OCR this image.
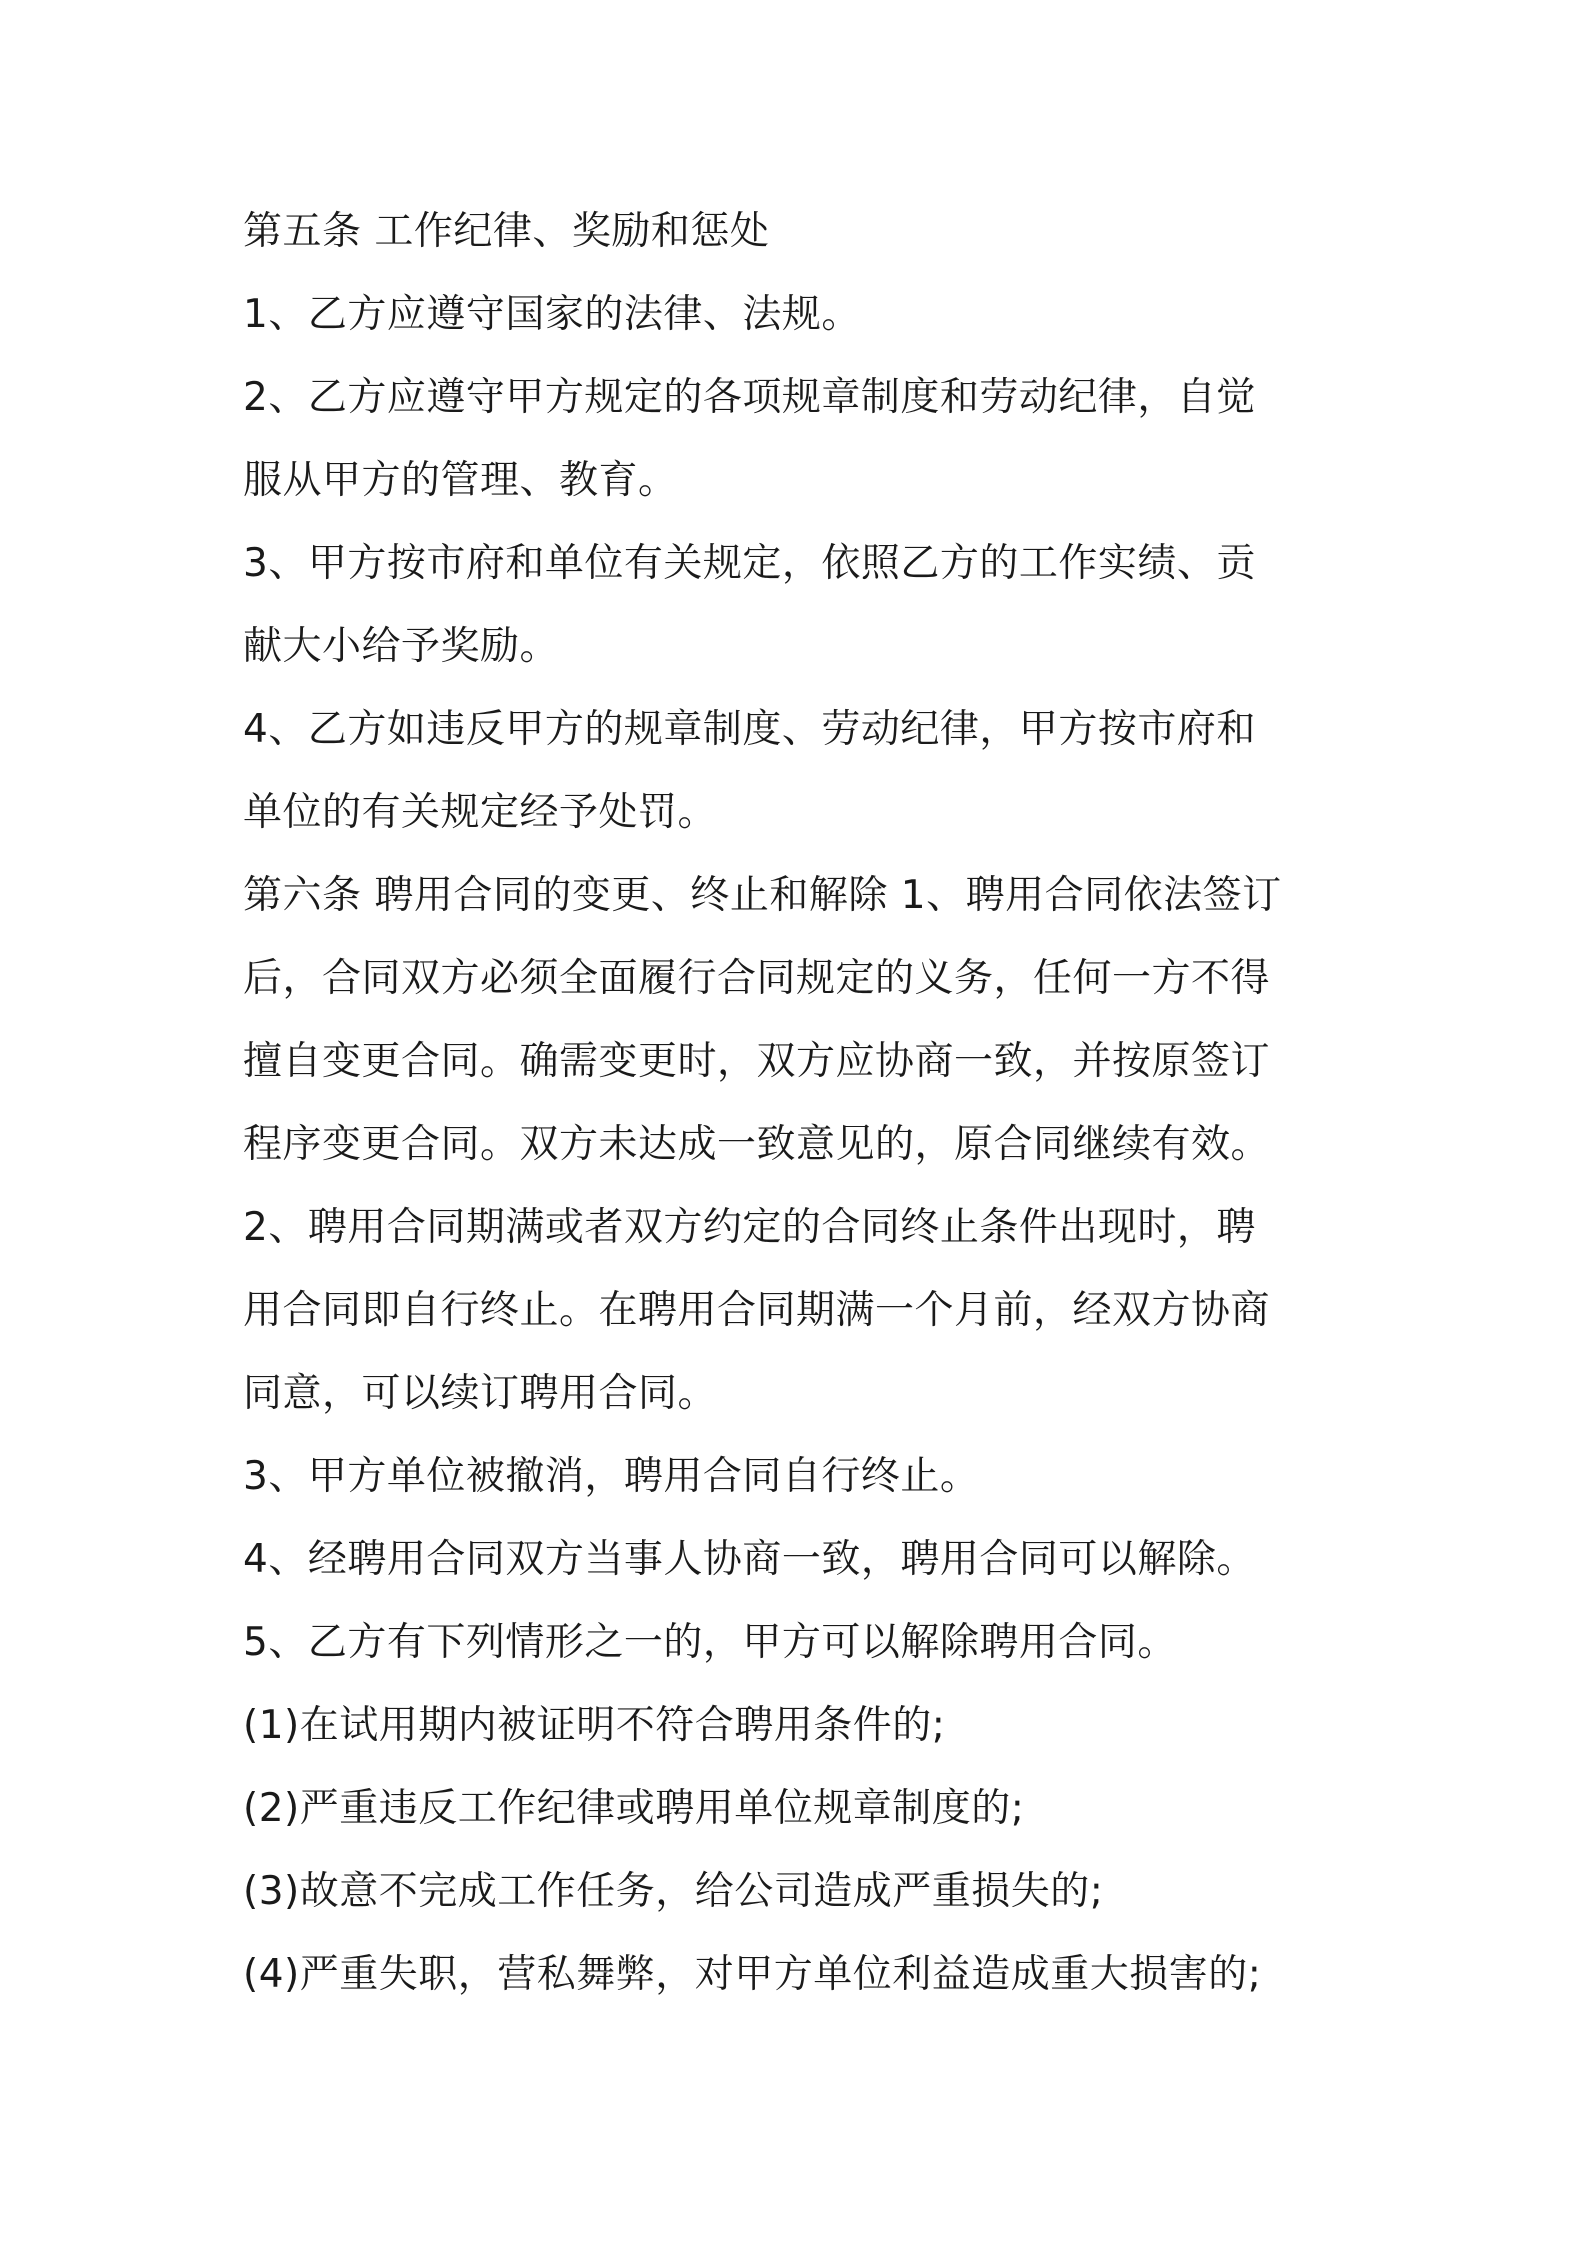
第五条 工作纪律、奖励和惩处
1、乙方应遵守国家的法律、法规。
2、乙方应遵守甲方规定的各项规章制度和劳动纪律，自觉
服从甲方的管理、教育。
3、甲方按市府和单位有关规定，依照乙方的工作实绩、贡
献大小给予奖励。
4、乙方如违反甲方的规章制度、劳动纪律，甲方按市府和
单位的有关规定经予处罚。
第六条 聘用合同的变更、终止和解除 1、聘用合同依法签订
后，合同双方必须全面履行合同规定的义务，任何一方不得
擅自变更合同。确需变更时，双方应协商一致，并按原签订
程序变更合同。双方未达成一致意见的，原合同继续有效。
2、聘用合同期满或者双方约定的合同终止条件出现时，聘
用合同即自行终止。在聘用合同期满一个月前，经双方协商
同意，可以续订聘用合同。
3、甲方单位被撤消，聘用合同自行终止。
4、经聘用合同双方当事人协商一致，聘用合同可以解除。
5、乙方有下列情形之一的，甲方可以解除聘用合同。
(1)在试用期内被证明不符合聘用条件的;
(2)严重违反工作纪律或聘用单位规章制度的;
(3)故意不完成工作任务，给公司造成严重损失的;
(4)严重失职，营私舞弊，对甲方单位利益造成重大损害的;
